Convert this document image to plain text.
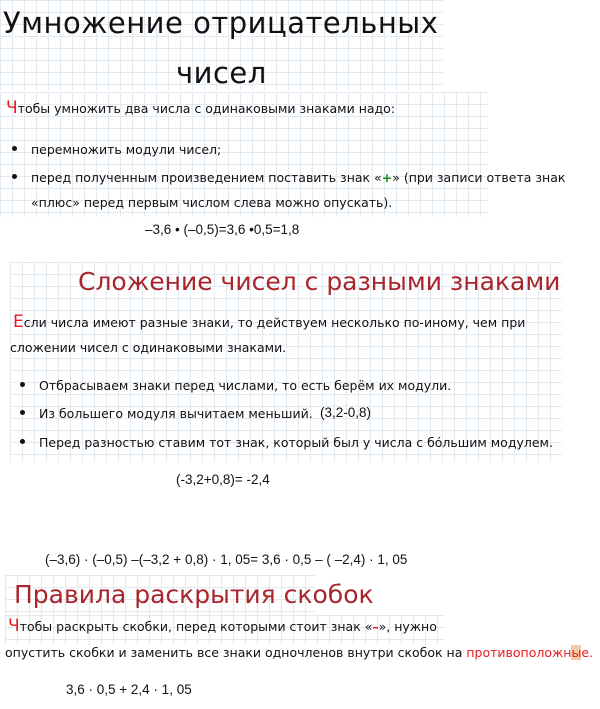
Умножение отрицательных
чисел
Чтобы умножить два числа с одинаковыми знаками надо:
перемножить модули чисел;
перед полученным произведением поставить знак «+» (при записи ответа знак
«плюс» перед первым числом слева можно опускать).
–3,6 • (–0,5)=3,6 •0,5=1,8
Сложение чисел с разными знаками
Если числа имеют разные знаки, то действуем несколько по-иному, чем при
сложении чисел с одинаковыми знаками.
Отбрасываем знаки перед числами, то есть берём их модули.
Из большего модуля вычитаем меньший. (3,2-0,8)
Перед разностью ставим тот знак, который был у числа с бóльшим модулем.
(-3,2+0,8)= -2,4
(–3,6) · (–0,5) –(–3,2 + 0,8) · 1, 05= 3,6 · 0,5 – ( –2,4) · 1, 05
Правила раскрытия скобок
Чтобы раскрыть скобки, перед которыми стоит знак «–», нужно
опустить скобки и заменить все знаки одночленов внутри скобок на противоположные.
3,6 · 0,5 + 2,4 · 1, 05
